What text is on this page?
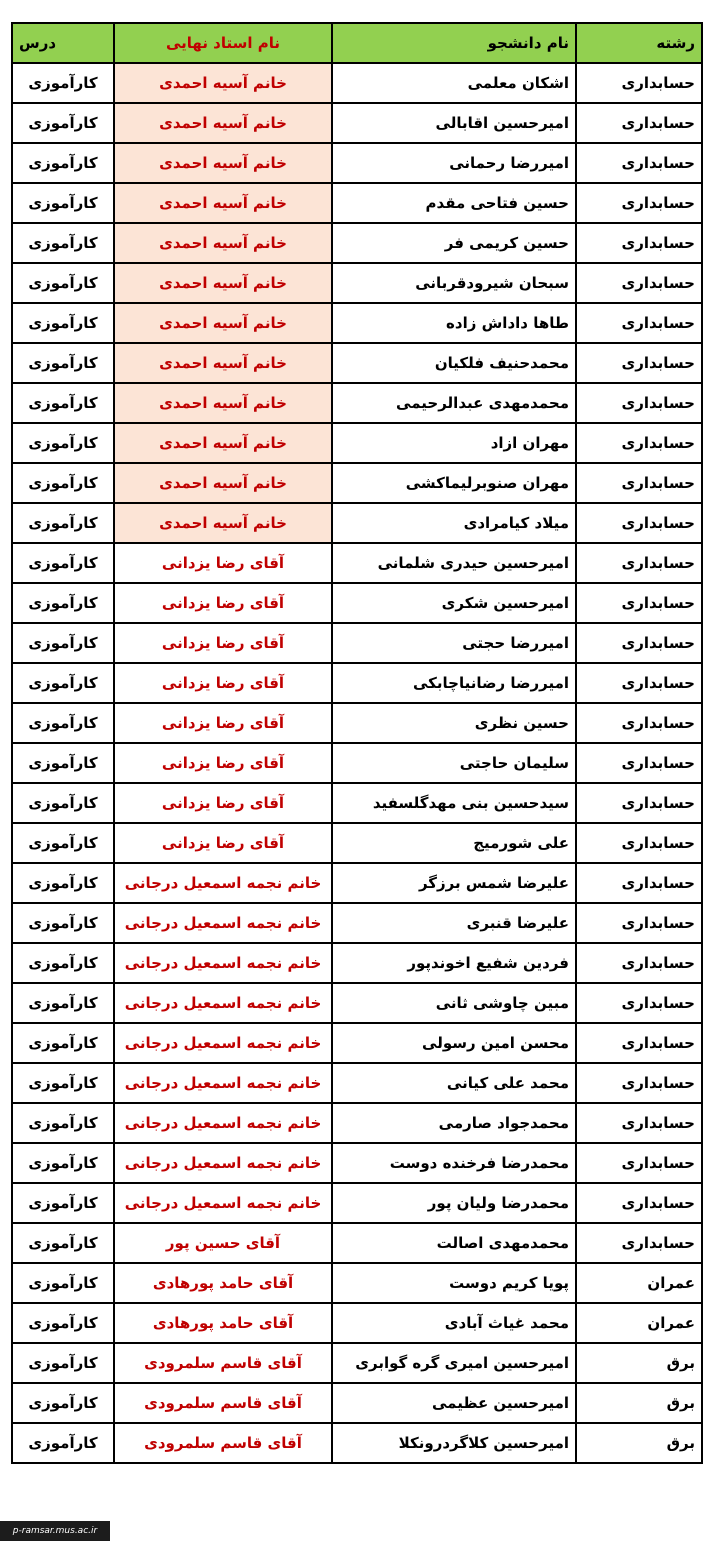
رشته	نام دانشجو	نام استاد نهایی	درس
حسابداری	اشکان معلمی	خانم آسیه احمدی	کارآموزی
حسابداری	امیرحسین اقابالی	خانم آسیه احمدی	کارآموزی
حسابداری	امیررضا رحمانی	خانم آسیه احمدی	کارآموزی
حسابداری	حسین فتاحی مقدم	خانم آسیه احمدی	کارآموزی
حسابداری	حسین کریمی فر	خانم آسیه احمدی	کارآموزی
حسابداری	سبحان شیرودقربانی	خانم آسیه احمدی	کارآموزی
حسابداری	طاها داداش زاده	خانم آسیه احمدی	کارآموزی
حسابداری	محمدحنیف فلکیان	خانم آسیه احمدی	کارآموزی
حسابداری	محمدمهدی عبدالرحیمی	خانم آسیه احمدی	کارآموزی
حسابداری	مهران ازاد	خانم آسیه احمدی	کارآموزی
حسابداری	مهران صنوبرلیماکشی	خانم آسیه احمدی	کارآموزی
حسابداری	میلاد کیامرادی	خانم آسیه احمدی	کارآموزی
حسابداری	امیرحسین حیدری شلمانی	آقای رضا یزدانی	کارآموزی
حسابداری	امیرحسین شکری	آقای رضا یزدانی	کارآموزی
حسابداری	امیررضا حجتی	آقای رضا یزدانی	کارآموزی
حسابداری	امیررضا رضانیاچابکی	آقای رضا یزدانی	کارآموزی
حسابداری	حسین نظری	آقای رضا یزدانی	کارآموزی
حسابداری	سلیمان حاجتی	آقای رضا یزدانی	کارآموزی
حسابداری	سیدحسین بنی مهدگلسفید	آقای رضا یزدانی	کارآموزی
حسابداری	علی شورمیج	آقای رضا یزدانی	کارآموزی
حسابداری	علیرضا شمس برزگر	خانم نجمه اسمعیل درجانی	کارآموزی
حسابداری	علیرضا قنبری	خانم نجمه اسمعیل درجانی	کارآموزی
حسابداری	فردین شفیع اخوندپور	خانم نجمه اسمعیل درجانی	کارآموزی
حسابداری	مبین چاوشی ثانی	خانم نجمه اسمعیل درجانی	کارآموزی
حسابداری	محسن امین رسولی	خانم نجمه اسمعیل درجانی	کارآموزی
حسابداری	محمد علی کیانی	خانم نجمه اسمعیل درجانی	کارآموزی
حسابداری	محمدجواد صارمی	خانم نجمه اسمعیل درجانی	کارآموزی
حسابداری	محمدرضا فرخنده دوست	خانم نجمه اسمعیل درجانی	کارآموزی
حسابداری	محمدرضا ولیان پور	خانم نجمه اسمعیل درجانی	کارآموزی
حسابداری	محمدمهدی اصالت	آقای حسین پور	کارآموزی
عمران	پویا کریم دوست	آقای حامد پورهادی	کارآموزی
عمران	محمد غیاث آبادی	آقای حامد پورهادی	کارآموزی
برق	امیرحسین امیری گره گوابری	آقای قاسم سلمرودی	کارآموزی
برق	امیرحسین عظیمی	آقای قاسم سلمرودی	کارآموزی
برق	امیرحسین کلاگردرونکلا	آقای قاسم سلمرودی	کارآموزی
p-ramsar.mus.ac.ir
